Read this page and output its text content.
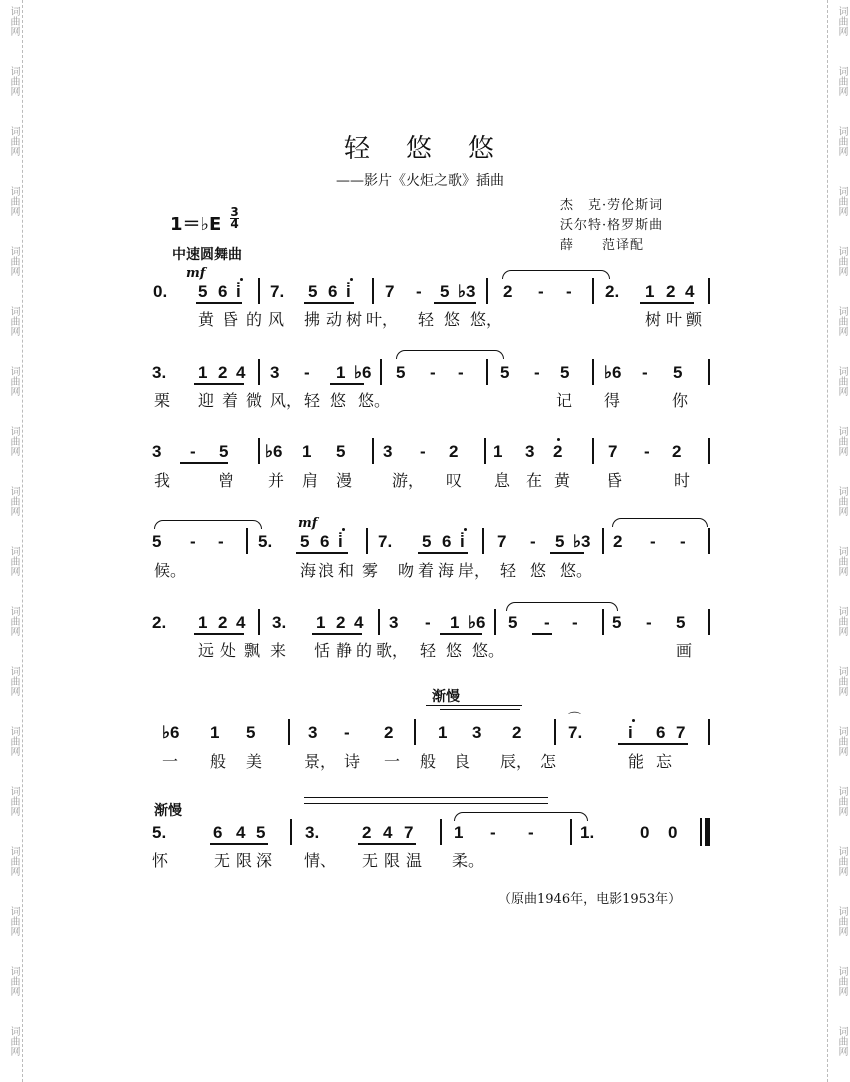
词曲网
词曲网
词曲网
词曲网
词曲网
词曲网
词曲网
词曲网
词曲网
词曲网
词曲网
词曲网
词曲网
词曲网
词曲网
词曲网
词曲网
词曲网
词曲网
词曲网
词曲网
词曲网
词曲网
词曲网
词曲网
词曲网
词曲网
词曲网
词曲网
词曲网
词曲网
词曲网
词曲网
词曲网
词曲网
词曲网
轻悠悠
——影片《火炬之歌》插曲
杰　克·劳伦斯词
沃尔特·格罗斯曲
薛　　范译配
1＝♭E
3
4
中速圆舞曲
0. 5 6 i̇ 7. 5 6 i̇ 7 - 5 ♭3 2 - - 2. 1 2 4
黄 昏 的 风 拂 动 树 叶， 轻 悠 悠，	树 叶 颤
3. 1 2 4 3 - 1 ♭6 5 - - 5 - 5 ♭6 - 5
栗 迎 着 微 风， 轻 悠 悠。	记 得	你
3 - 5 ♭6 1 5 3 - 2 1 3 2	7 - 2
我	曾 并 肩 漫 游， 叹 息 在 黄 昏	时
5 - - 5. 5 6 i̇ 7. 5 6 i̇ 7 - 5 ♭3 2 - -
候。	海 浪 和 雾 吻 着 海 岸， 轻 悠 悠。
2. 1 2 4 3. 1 2 4 3 - 1 ♭6 5 - - 5 - 5
远 处 飘 来 恬 静 的 歌， 轻 悠 悠。	画
♭6 1 5	3 - 2	1 3 2	7.	i 6 7
一 般 美	景， 诗 一 般 良 辰， 怎	能 忘
5.	6 4 5 3.	2 4 7 1 - -	1.	0 0
怀	无 限 深 情、 无 限 温 柔。
mf
mf
渐慢
渐慢
⌒
（原曲1946年，电影1953年）
